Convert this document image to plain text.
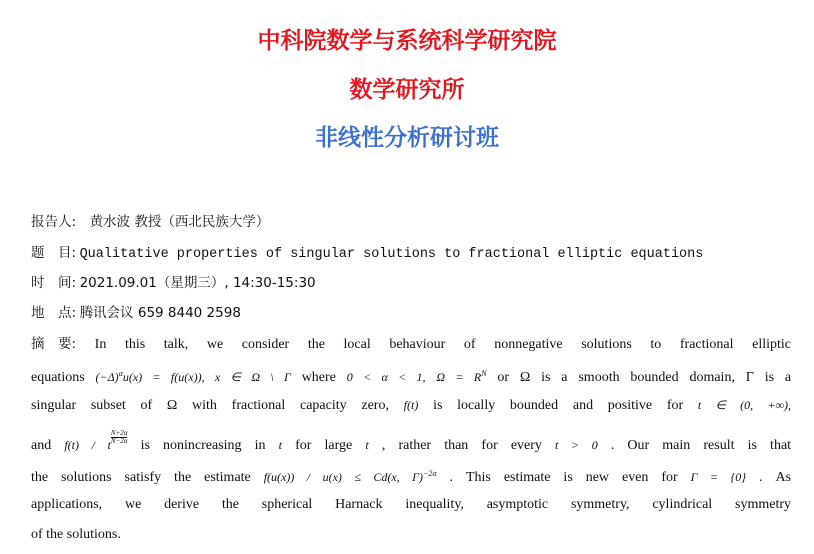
中科院数学与系统科学研究院
数学研究所
非线性分析研讨班
报告人: 黄水波 教授（西北民族大学）
题　目: Qualitative properties of singular solutions to fractional elliptic equations
时　间: 2021.09.01（星期三）, 14:30-15:30
地　点: 腾讯会议 659 8440 2598
摘　要: In this talk, we consider the local behaviour of nonnegative solutions to fractional elliptic
equations $(-\Delta)^\alpha u(x) = f(u(x))$, x ∈ Ω \ Γ where 0 < α < 1, $\Omega = R^N$ or Ω is a smooth bounded domain, Γ is a
singular subset of Ω with fractional capacity zero, f(t) is locally bounded and positive for t ∈ (0, +∞),
and f(t) / t $\frac{N+2\alpha}{N-2\alpha}$
is nonincreasing in t for large t , rather than for every t > 0 . Our main result is that
the solutions satisfy the estimate f(u(x)) / u(x) ≤ Cd(x, Γ)$^{-2\alpha}$ . This estimate is new even for Γ = {0} . As
applications, we derive the spherical Harnack inequality, asymptotic symmetry, cylindrical symmetry
of the solutions.
